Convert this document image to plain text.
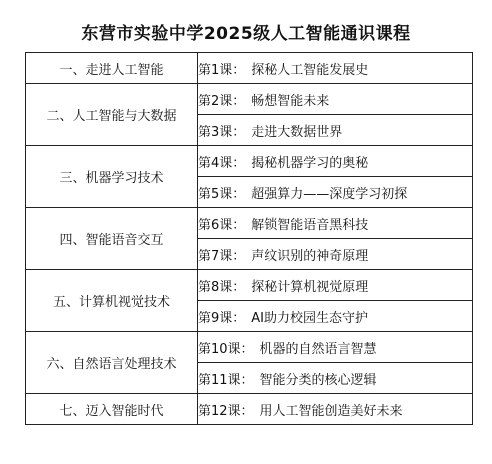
东营市实验中学2025级人工智能通识课程
一、走进人工智能	第1课： 探秘人工智能发展史
二、人工智能与大数据	第2课： 畅想智能未来
	第3课： 走进大数据世界
三、机器学习技术	第4课： 揭秘机器学习的奥秘
	第5课： 超强算力——深度学习初探
四、智能语音交互	第6课： 解锁智能语音黑科技
	第7课： 声纹识别的神奇原理
五、计算机视觉技术	第8课： 探秘计算机视觉原理
	第9课： AI助力校园生态守护
六、自然语言处理技术	第10课： 机器的自然语言智慧
	第11课： 智能分类的核心逻辑
七、迈入智能时代	第12课： 用人工智能创造美好未来
